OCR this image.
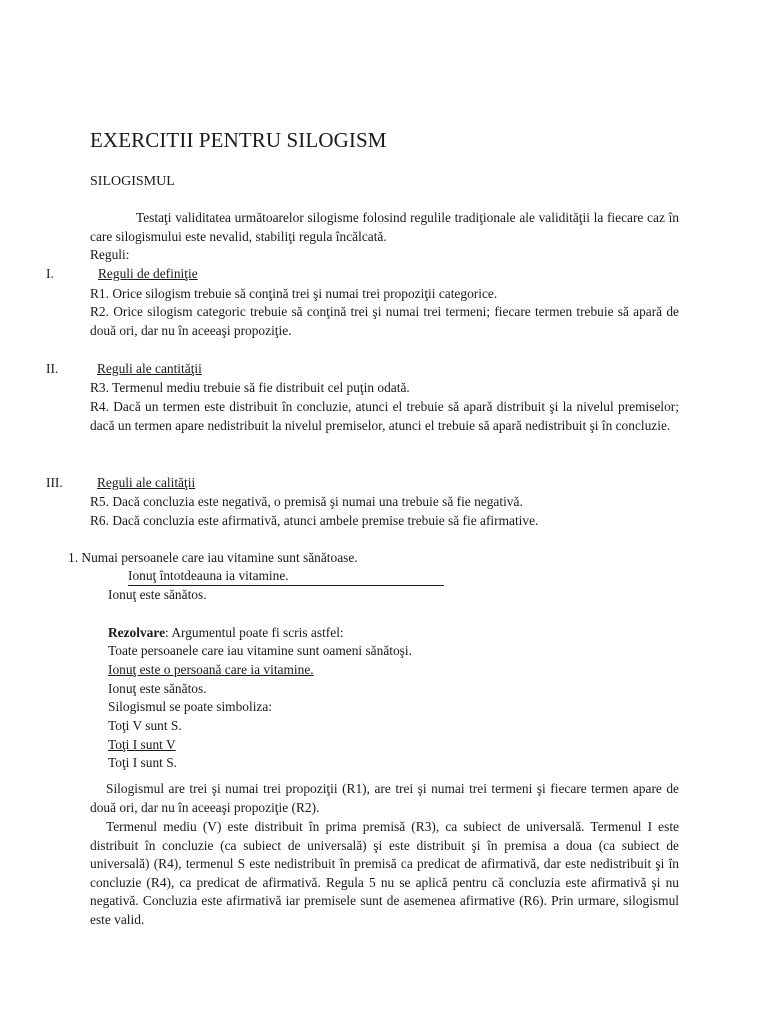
EXERCITII PENTRU SILOGISM
SILOGISMUL
Testaţi validitatea următoarelor silogisme folosind regulile tradiţionale ale validităţii la fiecare caz în care silogismului este nevalid, stabiliţi regula încălcată.
Reguli:
I.	Reguli de definiţie
R1. Orice silogism trebuie să conţină trei şi numai trei propoziţii categorice.
R2. Orice silogism categoric trebuie să conţină trei şi numai trei termeni; fiecare termen trebuie să apară de două ori, dar nu în aceeaşi propoziţie.
II.	Reguli ale cantităţii
R3. Termenul mediu trebuie să fie distribuit cel puţin odată.
R4. Dacă un termen este distribuit în concluzie, atunci el trebuie să apară distribuit şi la nivelul premiselor; dacă un termen apare nedistribuit la nivelul premiselor, atunci el trebuie să apară nedistribuit şi în concluzie.
III.	Reguli ale calităţii
R5. Dacă concluzia este negativă, o premisă şi numai una trebuie să fie negativă.
R6. Dacă concluzia este afirmativă, atunci ambele premise trebuie să fie afirmative.
1. Numai persoanele care iau vitamine sunt sănătoase.
Ionuţ întotdeauna ia vitamine.
Ionuţ este sănătos.
Rezolvare: Argumentul poate fi scris astfel:
Toate persoanele care iau vitamine sunt oameni sănătoşi.
Ionuţ este o persoană care ia vitamine.
Ionuţ este sănătos.
Silogismul se poate simboliza:
Toţi V sunt S.
Toţi I sunt V
Toţi I sunt S.
Silogismul are trei şi numai trei propoziţii (R1), are trei şi numai trei termeni şi fiecare termen apare de două ori, dar nu în aceeaşi propoziţie (R2).
Termenul mediu (V) este distribuit în prima premisă (R3), ca subiect de universală. Termenul I este distribuit în concluzie (ca subiect de universală) şi este distribuit şi în premisa a doua (ca subiect de universală) (R4), termenul S este nedistribuit în premisă ca predicat de afirmativă, dar este nedistribuit şi în concluzie (R4), ca predicat de afirmativă. Regula 5 nu se aplică pentru că concluzia este afirmativă şi nu negativă. Concluzia este afirmativă iar premisele sunt de asemenea afirmative (R6). Prin urmare, silogismul este valid.
